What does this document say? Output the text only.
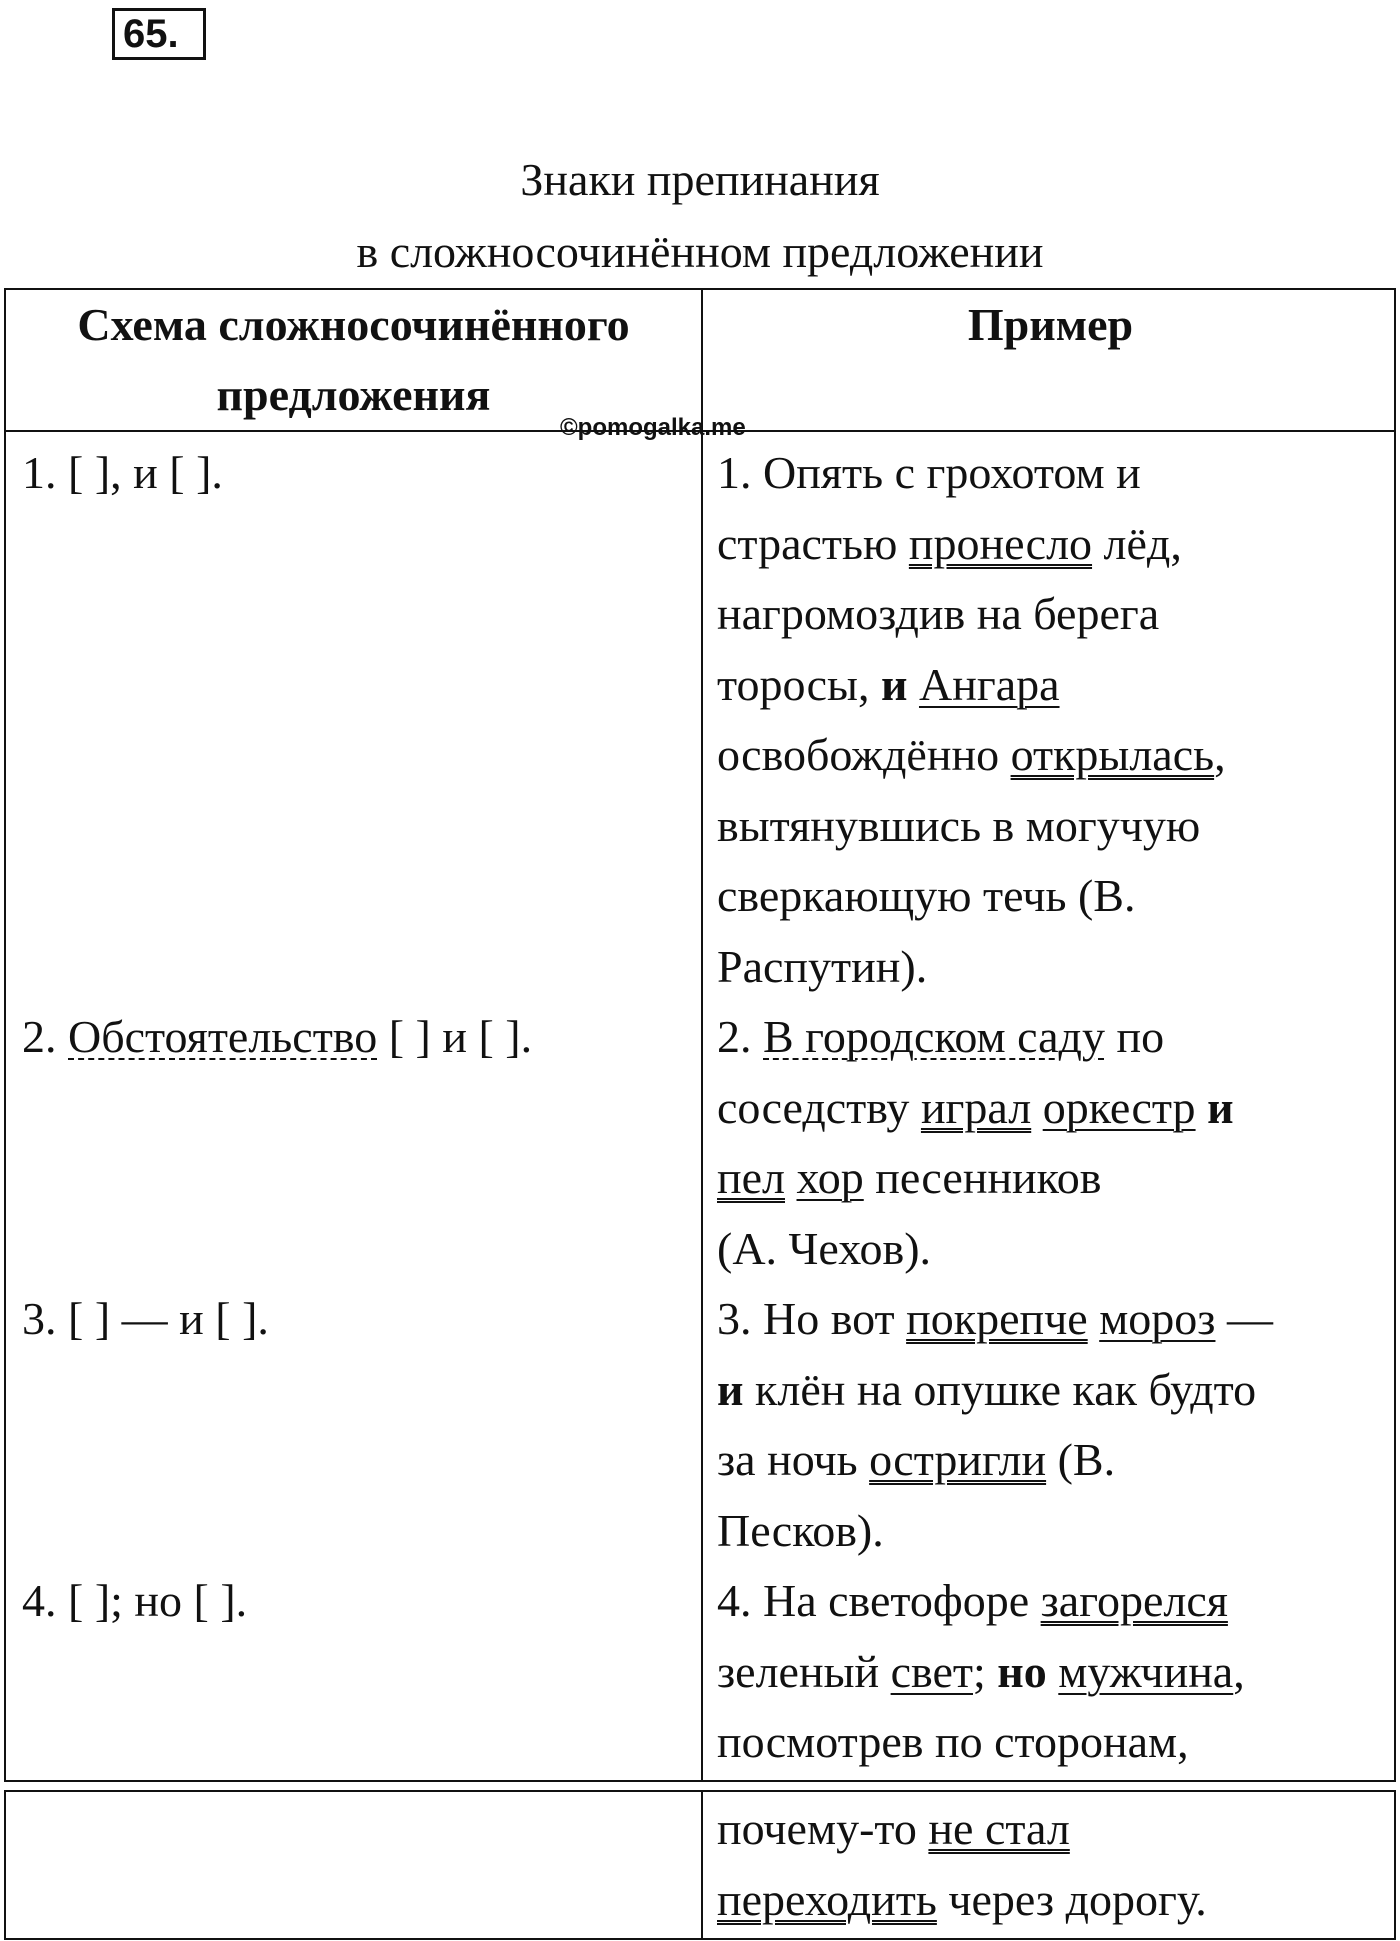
65.
Знаки препинания
в сложносочинённом предложении
Схема сложносочинённого
предложения
Пример
1. [ ], и [ ].
2. Обстоятельство [ ] и [ ].
3. [ ] — и [ ].
4. [ ]; но [ ].
1. Опять с грохотом и
страстью пронесло лёд,
нагромоздив на берега
торосы, и Ангара
освобождённо открылась,
вытянувшись в могучую
сверкающую течь (В.
Распутин).
2. В городском саду по
соседству играл оркестр и
пел хор песенников
(А. Чехов).
3. Но вот покрепче мороз —
и клён на опушке как будто
за ночь остригли (В.
Песков).
4. На светофоре загорелся
зеленый свет; но мужчина,
посмотрев по сторонам,
©pomogalka.me
почему-то не стал
переходить через дорогу.
